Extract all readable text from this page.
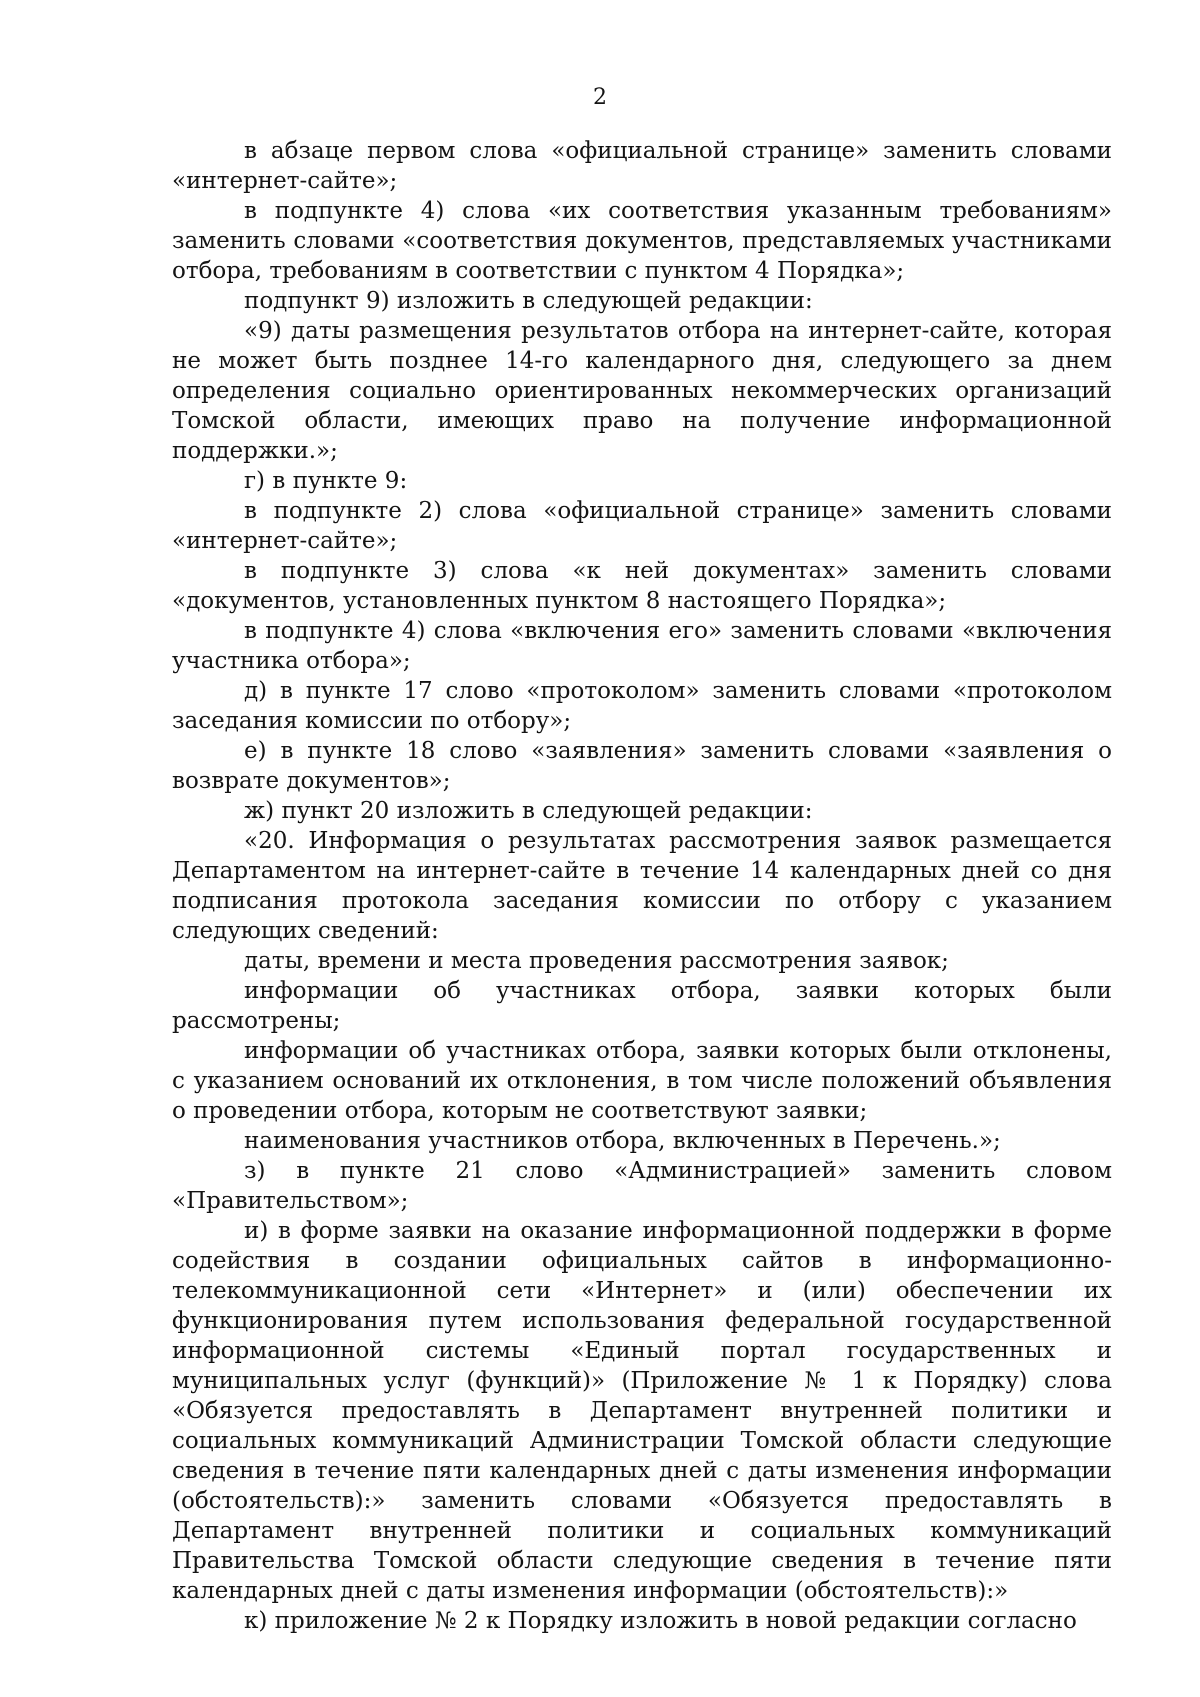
2

в абзаце первом слова «официальной странице» заменить словами «интернет-сайте»;

в подпункте 4) слова «их соответствия указанным требованиям» заменить словами «соответствия документов, представляемых участниками отбора, требованиям в соответствии с пунктом 4 Порядка»;

подпункт 9) изложить в следующей редакции:

«9) даты размещения результатов отбора на интернет-сайте, которая не может быть позднее 14-го календарного дня, следующего за днем определения социально ориентированных некоммерческих организаций Томской области, имеющих право на получение информационной поддержки.»;

г) в пункте 9:

в подпункте 2) слова «официальной странице» заменить словами «интернет-сайте»;

в подпункте 3) слова «к ней документах» заменить словами «документов, установленных пунктом 8 настоящего Порядка»;

в подпункте 4) слова «включения его» заменить словами «включения участника отбора»;

д) в пункте 17 слово «протоколом» заменить словами «протоколом заседания комиссии по отбору»;

е) в пункте 18 слово «заявления» заменить словами «заявления о возврате документов»;

ж) пункт 20 изложить в следующей редакции:

«20. Информация о результатах рассмотрения заявок размещается Департаментом на интернет-сайте в течение 14 календарных дней со дня подписания протокола заседания комиссии по отбору с указанием следующих сведений:

даты, времени и места проведения рассмотрения заявок;

информации об участниках отбора, заявки которых были рассмотрены;

информации об участниках отбора, заявки которых были отклонены, с указанием оснований их отклонения, в том числе положений объявления о проведении отбора, которым не соответствуют заявки;

наименования участников отбора, включенных в Перечень.»;

з) в пункте 21 слово «Администрацией» заменить словом «Правительством»;

и) в форме заявки на оказание информационной поддержки в форме содействия в создании официальных сайтов в информационно-телекоммуникационной сети «Интернет» и (или) обеспечении их функционирования путем использования федеральной государственной информационной системы «Единый портал государственных и муниципальных услуг (функций)» (Приложение № 1 к Порядку) слова «Обязуется предоставлять в Департамент внутренней политики и социальных коммуникаций Администрации Томской области следующие сведения в течение пяти календарных дней с даты изменения информации (обстоятельств):» заменить словами «Обязуется предоставлять в Департамент внутренней политики и социальных коммуникаций Правительства Томской области следующие сведения в течение пяти календарных дней с даты изменения информации (обстоятельств):»

к) приложение № 2 к Порядку изложить в новой редакции согласно
